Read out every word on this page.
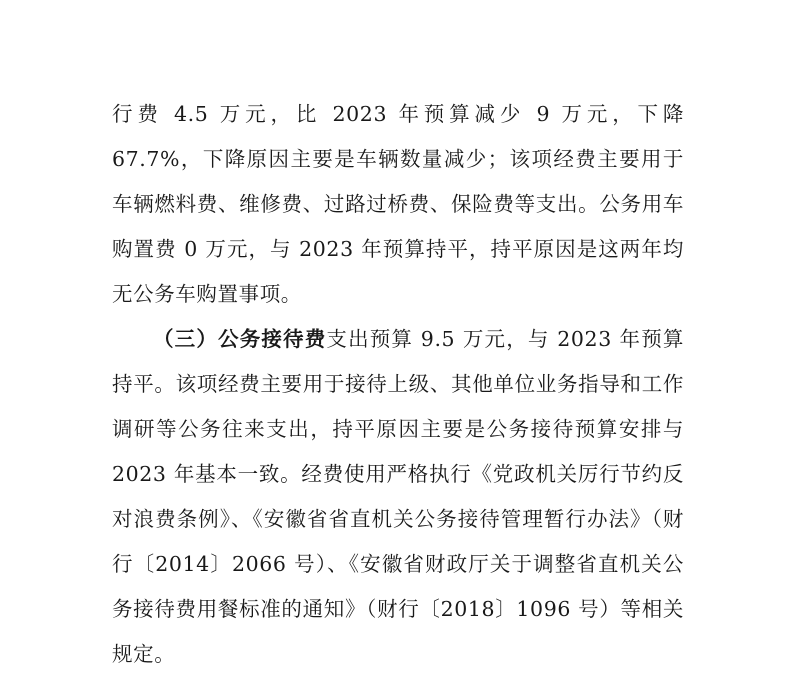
行费 4.5 万元，比 2023 年预算减少 9 万元，下降 67.7%，下降原因主要是车辆数量减少；该项经费主要用于车辆燃料费、维修费、过路过桥费、保险费等支出。公务用车购置费 0 万元，与 2023 年预算持平，持平原因是这两年均无公务车购置事项。

（三）公务接待费支出预算 9.5 万元，与 2023 年预算持平。该项经费主要用于接待上级、其他单位业务指导和工作调研等公务往来支出，持平原因主要是公务接待预算安排与 2023 年基本一致。经费使用严格执行《党政机关厉行节约反对浪费条例》、《安徽省省直机关公务接待管理暂行办法》（财行〔2014〕2066 号）、《安徽省财政厅关于调整省直机关公务接待费用餐标准的通知》（财行〔2018〕1096 号）等相关规定。
